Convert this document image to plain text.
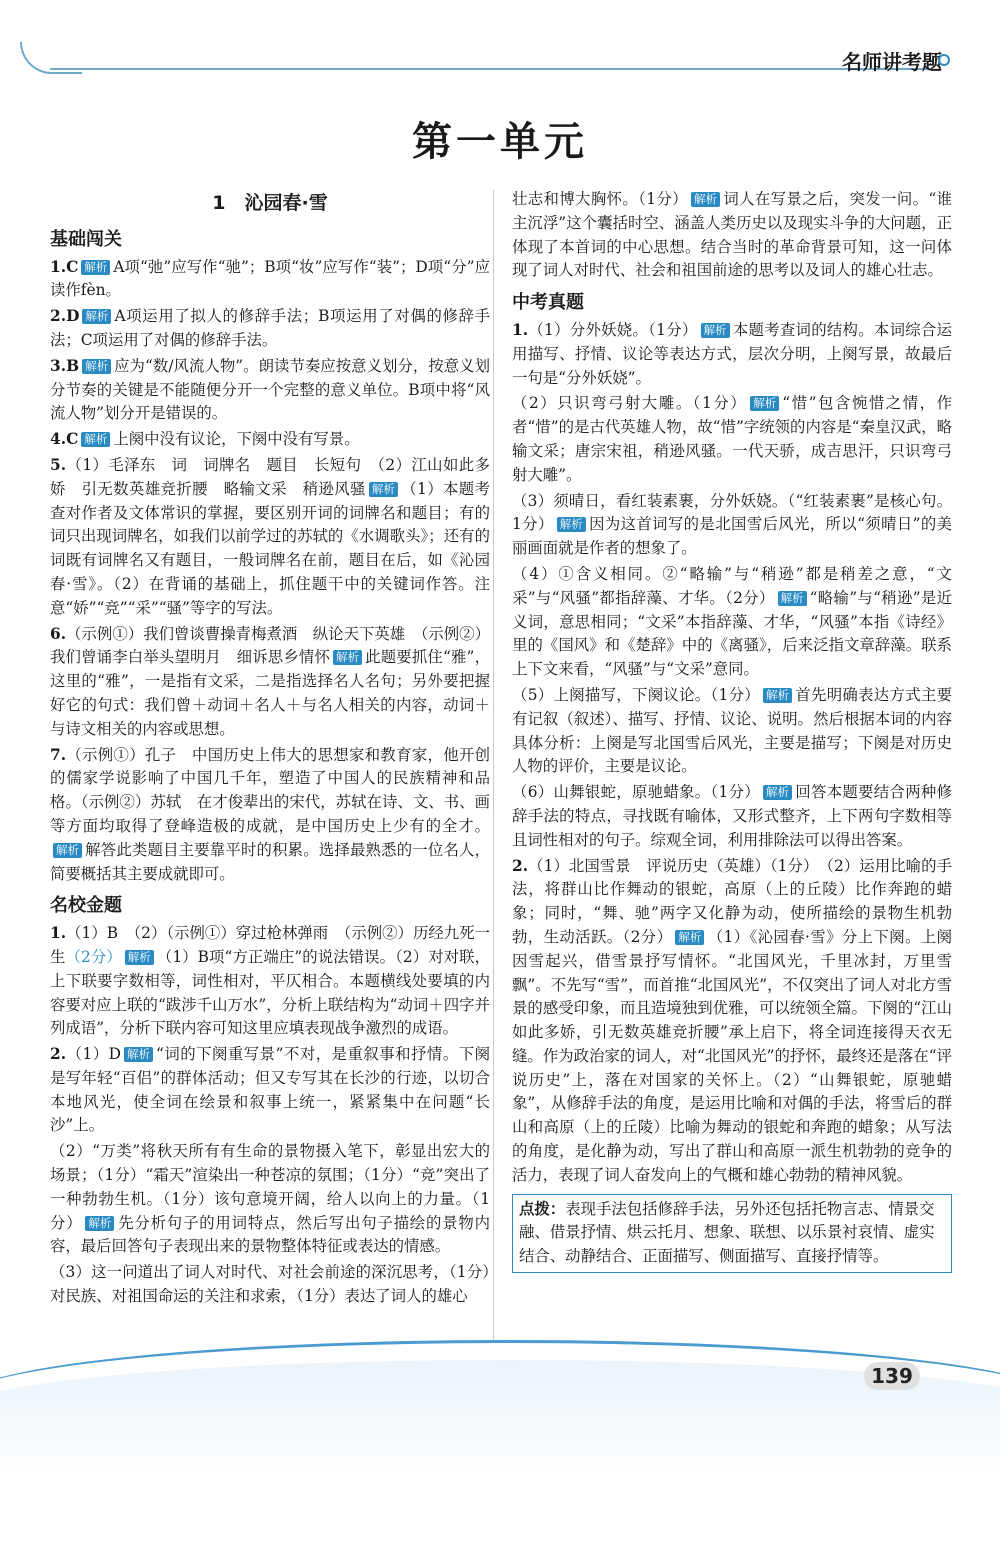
名师讲考题
第一单元
1　沁园春·雪
基础闯关
1.C 解析 A项“弛”应写作“驰”；B项“妆”应写作“装”；D项“分”应读作fèn。
2.D 解析 A项运用了拟人的修辞手法；B项运用了对偶的修辞手法；C项运用了对偶的修辞手法。
3.B 解析 应为“数/风流人物”。朗读节奏应按意义划分，按意义划分节奏的关键是不能随便分开一个完整的意义单位。B项中将“风流人物”划分开是错误的。
4.C 解析 上阕中没有议论，下阕中没有写景。
5.（1）毛泽东　词　词牌名　题目　长短句　（2）江山如此多娇　引无数英雄竞折腰　略输文采　稍逊风骚 解析 （1）本题考查对作者及文体常识的掌握，要区别开词的词牌名和题目；有的词只出现词牌名，如我们以前学过的苏轼的《水调歌头》；还有的词既有词牌名又有题目，一般词牌名在前，题目在后，如《沁园春·雪》。（2）在背诵的基础上，抓住题干中的关键词作答。注意“娇”“竞”“采”“骚”等字的写法。
6.（示例①）我们曾谈曹操青梅煮酒　纵论天下英雄　（示例②）我们曾诵李白举头望明月　细诉思乡情怀 解析 此题要抓住“雅”，这里的“雅”，一是指有文采，二是指选择名人名句；另外要把握好它的句式：我们曾＋动词＋名人＋与名人相关的内容，动词＋与诗文相关的内容或思想。
7.（示例①）孔子　中国历史上伟大的思想家和教育家，他开创的儒家学说影响了中国几千年，塑造了中国人的民族精神和品格。（示例②）苏轼　在才俊辈出的宋代，苏轼在诗、文、书、画等方面均取得了登峰造极的成就，是中国历史上少有的全才。解析 解答此类题目主要靠平时的积累。选择最熟悉的一位名人，简要概括其主要成就即可。
名校金题
1.（1）B　（2）（示例①）穿过枪林弹雨　（示例②）历经九死一生（2分） 解析 （1）B项“方正端庄”的说法错误。（2）对对联，上下联要字数相等，词性相对，平仄相合。本题横线处要填的内容要对应上联的“跋涉千山万水”，分析上联结构为“动词＋四字并列成语”，分析下联内容可知这里应填表现战争激烈的成语。
2.（1）D 解析 “词的下阕重写景”不对，是重叙事和抒情。下阕是写年轻“百侣”的群体活动；但又专写其在长沙的行迹，以切合本地风光，使全词在绘景和叙事上统一，紧紧集中在问题“长沙”上。
（2）“万类”将秋天所有有生命的景物摄入笔下，彰显出宏大的场景；（1分）“霜天”渲染出一种苍凉的氛围；（1分）“竞”突出了一种勃勃生机。（1分）该句意境开阔，给人以向上的力量。（1分） 解析 先分析句子的用词特点，然后写出句子描绘的景物内容，最后回答句子表现出来的景物整体特征或表达的情感。
（3）这一问道出了词人对时代、对社会前途的深沉思考，（1分）对民族、对祖国命运的关注和求索，（1分）表达了词人的雄心
壮志和博大胸怀。（1分） 解析 词人在写景之后，突发一问。“谁主沉浮”这个囊括时空、涵盖人类历史以及现实斗争的大问题，正体现了本首词的中心思想。结合当时的革命背景可知，这一问体现了词人对时代、社会和祖国前途的思考以及词人的雄心壮志。
中考真题
1.（1）分外妖娆。（1分） 解析 本题考查词的结构。本词综合运用描写、抒情、议论等表达方式，层次分明，上阕写景，故最后一句是“分外妖娆”。
（2）只识弯弓射大雕。（1分） 解析 “惜”包含惋惜之情，作者“惜”的是古代英雄人物，故“惜”字统领的内容是“秦皇汉武，略输文采；唐宗宋祖，稍逊风骚。一代天骄，成吉思汗，只识弯弓射大雕”。
（3）须晴日，看红装素裹，分外妖娆。（“红装素裹”是核心句。1分） 解析 因为这首词写的是北国雪后风光，所以“须晴日”的美丽画面就是作者的想象了。
（4）①含义相同。②“略输”与“稍逊”都是稍差之意，“文采”与“风骚”都指辞藻、才华。（2分） 解析 “略输”与“稍逊”是近义词，意思相同；“文采”本指辞藻、才华，“风骚”本指《诗经》里的《国风》和《楚辞》中的《离骚》，后来泛指文章辞藻。联系上下文来看，“风骚”与“文采”意同。
（5）上阕描写，下阕议论。（1分） 解析 首先明确表达方式主要有记叙（叙述）、描写、抒情、议论、说明。然后根据本词的内容具体分析：上阕是写北国雪后风光，主要是描写；下阕是对历史人物的评价，主要是议论。
（6）山舞银蛇，原驰蜡象。（1分） 解析 回答本题要结合两种修辞手法的特点，寻找既有喻体，又形式整齐，上下两句字数相等且词性相对的句子。综观全词，利用排除法可以得出答案。
2.（1）北国雪景　评说历史（英雄）（1分）　（2）运用比喻的手法，将群山比作舞动的银蛇，高原（上的丘陵）比作奔跑的蜡象；同时，“舞、驰”两字又化静为动，使所描绘的景物生机勃勃，生动活跃。（2分） 解析 （1）《沁园春·雪》分上下阕。上阕因雪起兴，借雪景抒写情怀。“北国风光，千里冰封，万里雪飘”。不先写“雪”，而首推“北国风光”，不仅突出了词人对北方雪景的感受印象，而且造境独到优雅，可以统领全篇。下阕的“江山如此多娇，引无数英雄竞折腰”承上启下，将全词连接得天衣无缝。作为政治家的词人，对“北国风光”的抒怀，最终还是落在“评说历史”上，落在对国家的关怀上。（2）“山舞银蛇，原驰蜡象”，从修辞手法的角度，是运用比喻和对偶的手法，将雪后的群山和高原（上的丘陵）比喻为舞动的银蛇和奔跑的蜡象；从写法的角度，是化静为动，写出了群山和高原一派生机勃勃的竞争的活力，表现了词人奋发向上的气概和雄心勃勃的精神风貌。
点拨：表现手法包括修辞手法，另外还包括托物言志、情景交融、借景抒情、烘云托月、想象、联想、以乐景衬哀情、虚实结合、动静结合、正面描写、侧面描写、直接抒情等。
139
